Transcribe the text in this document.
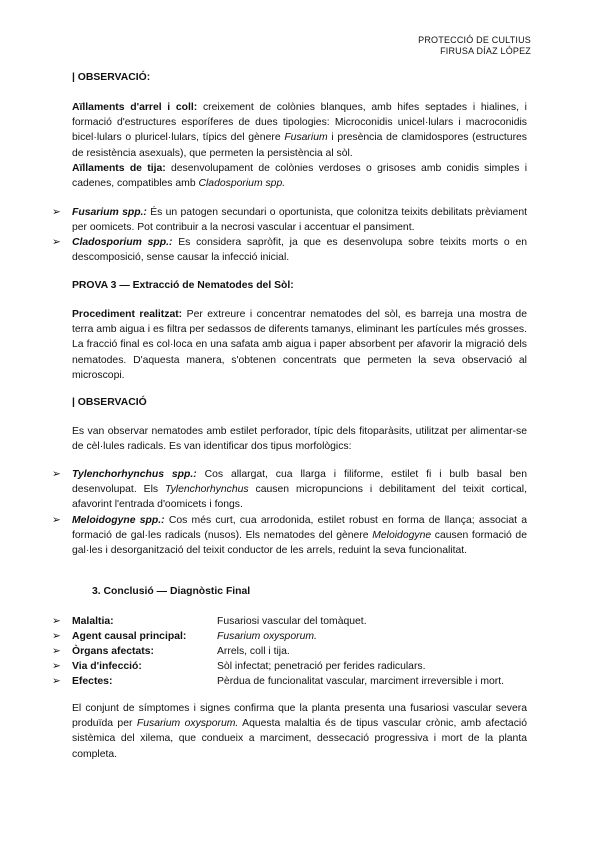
PROTECCIÓ DE CULTIUS
FIRUSA DÍAZ LÓPEZ
| OBSERVACIÓ:
Aïllaments d'arrel i coll: creixement de colònies blanques, amb hifes septades i hialines, i formació d'estructures esporíferes de dues tipologies: Microconidis unicel·lulars i macroconidis bicel·lulars o pluricel·lulars, típics del gènere Fusarium i presència de clamidospores (estructures de resistència asexuals), que permeten la persistència al sòl.
Aïllaments de tija: desenvolupament de colònies verdoses o grisoses amb conidis simples i cadenes, compatibles amb Cladosporium spp.
➢ Fusarium spp.: És un patogen secundari o oportunista, que colonitza teixits debilitats prèviament per oomicets. Pot contribuir a la necrosi vascular i accentuar el pansiment.
➢ Cladosporium spp.: Es considera sapròfit, ja que es desenvolupa sobre teixits morts o en descomposició, sense causar la infecció inicial.
PROVA 3 — Extracció de Nematodes del Sòl:
Procediment realitzat: Per extreure i concentrar nematodes del sòl, es barreja una mostra de terra amb aigua i es filtra per sedassos de diferents tamanys, eliminant les partícules més grosses. La fracció final es col·loca en una safata amb aigua i paper absorbent per afavorir la migració dels nematodes. D'aquesta manera, s'obtenen concentrats que permeten la seva observació al microscopi.
| OBSERVACIÓ
Es van observar nematodes amb estilet perforador, típic dels fitoparàsits, utilitzat per alimentar-se de cèl·lules radicals. Es van identificar dos tipus morfològics:
➢ Tylenchorhynchus spp.: Cos allargat, cua llarga i filiforme, estilet fi i bulb basal ben desenvolupat. Els Tylenchorhynchus causen micropuncions i debilitament del teixit cortical, afavorint l'entrada d'oomicets i fongs.
➢ Meloidogyne spp.: Cos més curt, cua arrodonida, estilet robust en forma de llança; associat a formació de gal·les radicals (nusos). Els nematodes del gènere Meloidogyne causen formació de gal·les i desorganització del teixit conductor de les arrels, reduint la seva funcionalitat.
3. Conclusió — Diagnòstic Final
➢ Malaltia:	Fusariosi vascular del tomàquet.
➢ Agent causal principal:	Fusarium oxysporum.
➢ Òrgans afectats:	Arrels, coll i tija.
➢ Via d'infecció:	Sòl infectat; penetració per ferides radiculars.
➢ Efectes:	Pèrdua de funcionalitat vascular, marciment irreversible i mort.
El conjunt de símptomes i signes confirma que la planta presenta una fusariosi vascular severa produïda per Fusarium oxysporum. Aquesta malaltia és de tipus vascular crònic, amb afectació sistèmica del xilema, que condueix a marciment, dessecació progressiva i mort de la planta completa.
